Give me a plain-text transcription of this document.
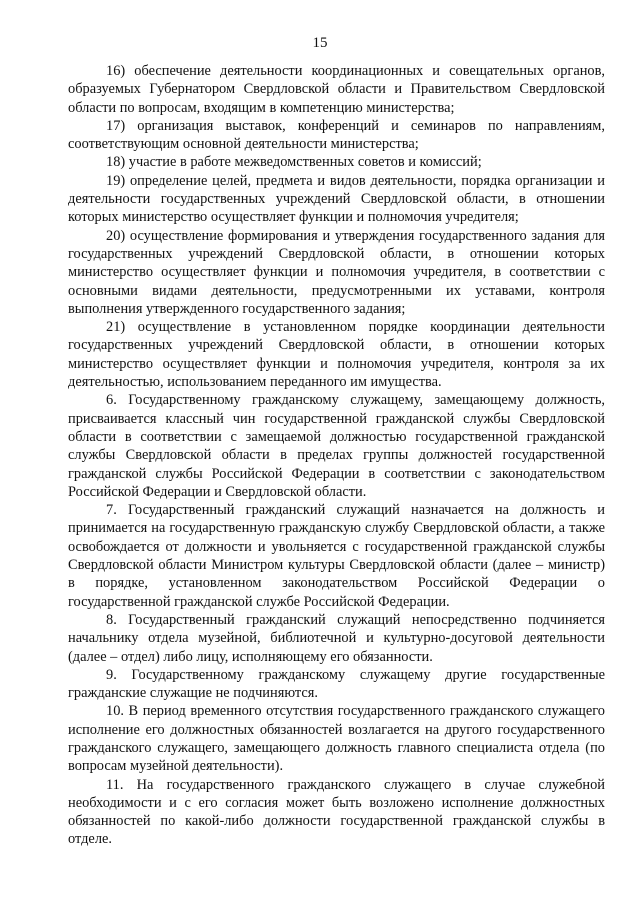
15

16) обеспечение деятельности координационных и совещательных органов, образуемых Губернатором Свердловской области и Правительством Свердловской области по вопросам, входящим в компетенцию министерства;

17) организация выставок, конференций и семинаров по направлениям, соответствующим основной деятельности министерства;

18) участие в работе межведомственных советов и комиссий;

19) определение целей, предмета и видов деятельности, порядка организации и деятельности государственных учреждений Свердловской области, в отношении которых министерство осуществляет функции и полномочия учредителя;

20) осуществление формирования и утверждения государственного задания для государственных учреждений Свердловской области, в отношении которых министерство осуществляет функции и полномочия учредителя, в соответствии с основными видами деятельности, предусмотренными их уставами, контроля выполнения утвержденного государственного задания;

21) осуществление в установленном порядке координации деятельности государственных учреждений Свердловской области, в отношении которых министерство осуществляет функции и полномочия учредителя, контроля за их деятельностью, использованием переданного им имущества.

6. Государственному гражданскому служащему, замещающему должность, присваивается классный чин государственной гражданской службы Свердловской области в соответствии с замещаемой должностью государственной гражданской службы Свердловской области в пределах группы должностей государственной гражданской службы Российской Федерации в соответствии с законодательством Российской Федерации и Свердловской области.

7. Государственный гражданский служащий назначается на должность и принимается на государственную гражданскую службу Свердловской области, а также освобождается от должности и увольняется с государственной гражданской службы Свердловской области Министром культуры Свердловской области (далее – министр) в порядке, установленном законодательством Российской Федерации о государственной гражданской службе Российской Федерации.

8. Государственный гражданский служащий непосредственно подчиняется начальнику отдела музейной, библиотечной и культурно-досуговой деятельности (далее – отдел) либо лицу, исполняющему его обязанности.

9. Государственному гражданскому служащему другие государственные гражданские служащие не подчиняются.

10. В период временного отсутствия государственного гражданского служащего исполнение его должностных обязанностей возлагается на другого государственного гражданского служащего, замещающего должность главного специалиста отдела (по вопросам музейной деятельности).

11. На государственного гражданского служащего в случае служебной необходимости и с его согласия может быть возложено исполнение должностных обязанностей по какой-либо должности государственной гражданской службы в отделе.
